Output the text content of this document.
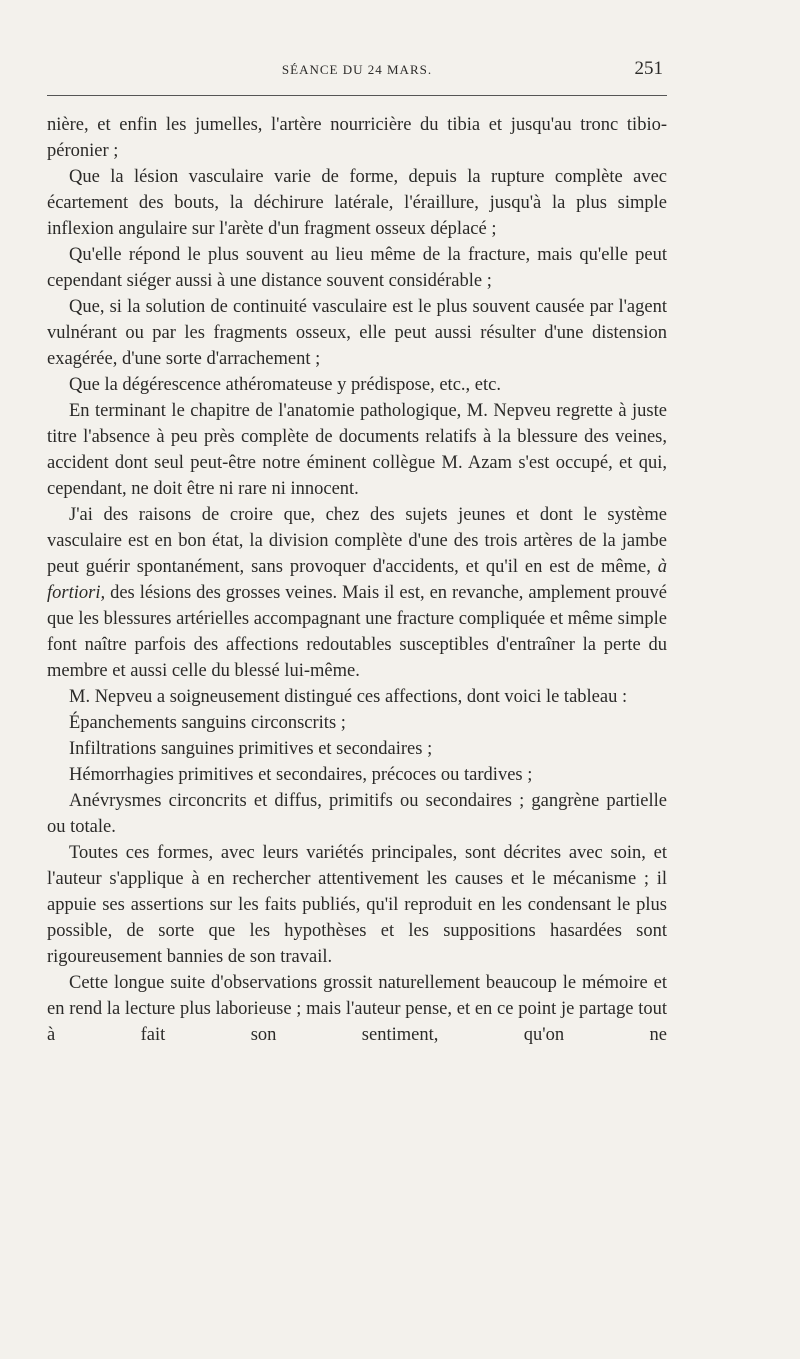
SÉANCE DU 24 MARS.	251

nière, et enfin les jumelles, l'artère nourricière du tibia et jusqu'au tronc tibio-péronier ;

Que la lésion vasculaire varie de forme, depuis la rupture complète avec écartement des bouts, la déchirure latérale, l'éraillure, jusqu'à la plus simple inflexion angulaire sur l'arète d'un fragment osseux déplacé ;

Qu'elle répond le plus souvent au lieu même de la fracture, mais qu'elle peut cependant siéger aussi à une distance souvent considérable ;

Que, si la solution de continuité vasculaire est le plus souvent causée par l'agent vulnérant ou par les fragments osseux, elle peut aussi résulter d'une distension exagérée, d'une sorte d'arrachement ;

Que la dégérescence athéromateuse y prédispose, etc., etc.

En terminant le chapitre de l'anatomie pathologique, M. Nepveu regrette à juste titre l'absence à peu près complète de documents relatifs à la blessure des veines, accident dont seul peut-être notre éminent collègue M. Azam s'est occupé, et qui, cependant, ne doit être ni rare ni innocent.

J'ai des raisons de croire que, chez des sujets jeunes et dont le système vasculaire est en bon état, la division complète d'une des trois artères de la jambe peut guérir spontanément, sans provoquer d'accidents, et qu'il en est de même, à fortiori, des lésions des grosses veines. Mais il est, en revanche, amplement prouvé que les blessures artérielles accompagnant une fracture compliquée et même simple font naître parfois des affections redoutables susceptibles d'entraîner la perte du membre et aussi celle du blessé lui-même.

M. Nepveu a soigneusement distingué ces affections, dont voici le tableau :

Épanchements sanguins circonscrits ;

Infiltrations sanguines primitives et secondaires ;

Hémorrhagies primitives et secondaires, précoces ou tardives ;

Anévrysmes circoncrits et diffus, primitifs ou secondaires ; gangrène partielle ou totale.

Toutes ces formes, avec leurs variétés principales, sont décrites avec soin, et l'auteur s'applique à en rechercher attentivement les causes et le mécanisme ; il appuie ses assertions sur les faits publiés, qu'il reproduit en les condensant le plus possible, de sorte que les hypothèses et les suppositions hasardées sont rigoureusement bannies de son travail.

Cette longue suite d'observations grossit naturellement beaucoup le mémoire et en rend la lecture plus laborieuse ; mais l'auteur pense, et en ce point je partage tout à fait son sentiment, qu'on ne
